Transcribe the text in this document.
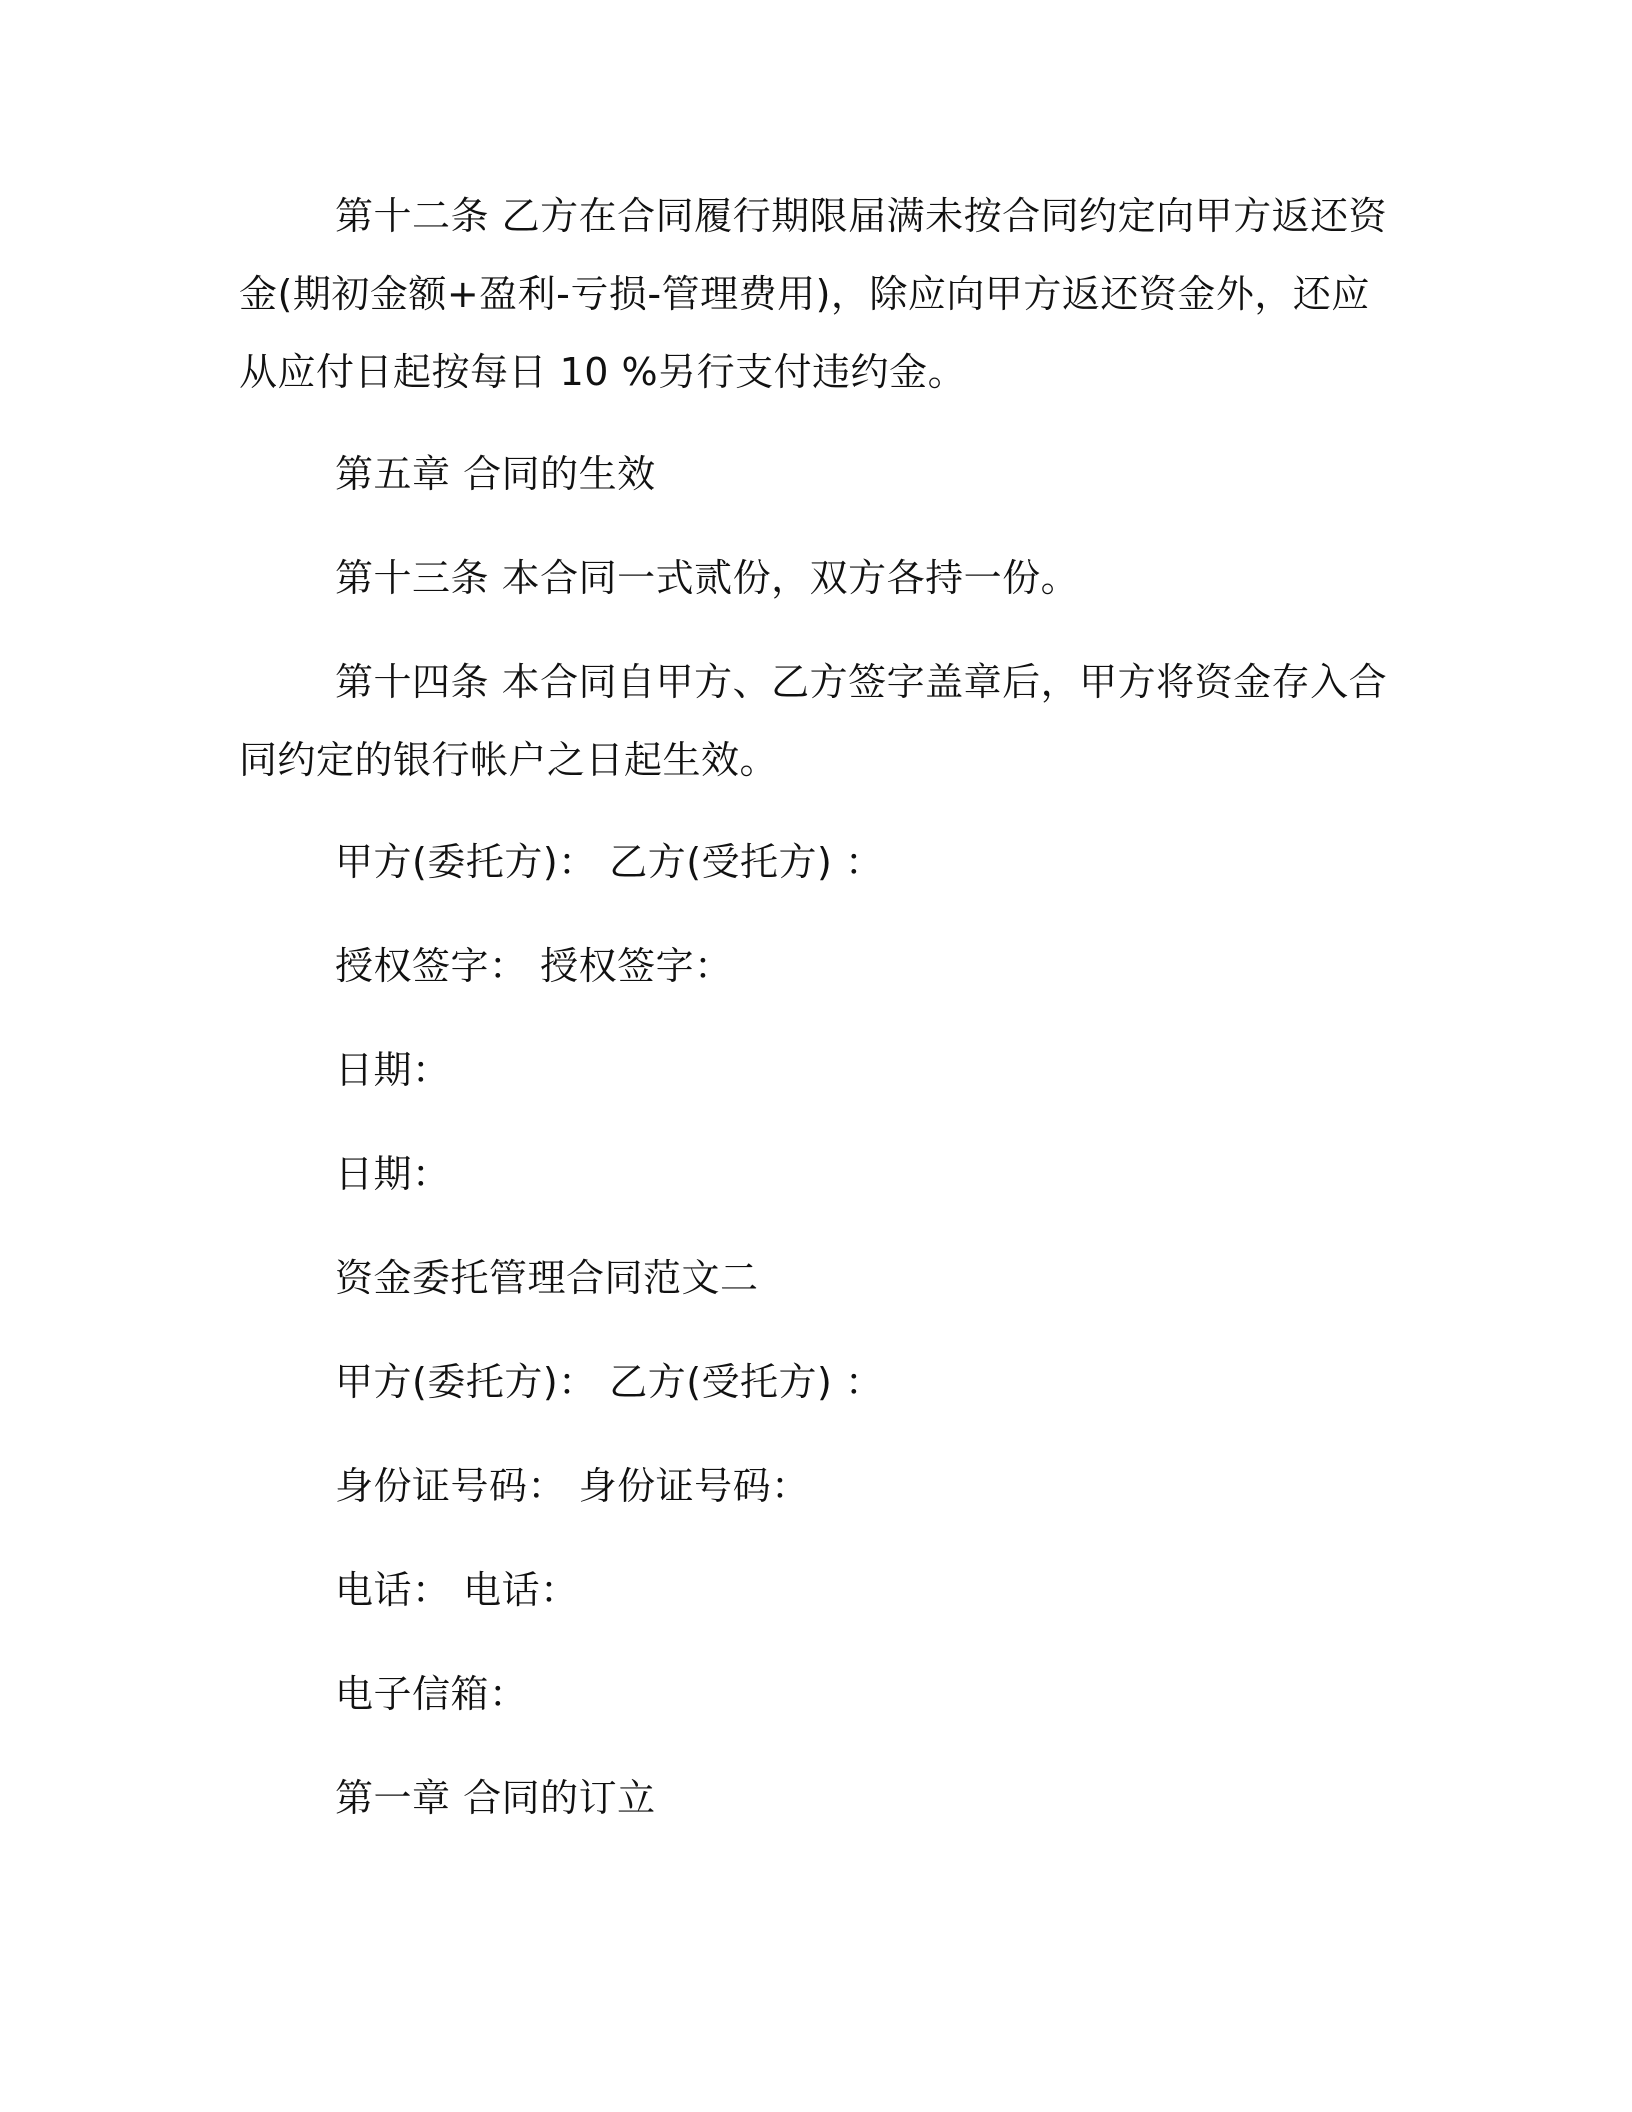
第十二条 乙方在合同履行期限届满未按合同约定向甲方返还资金(期初金额+盈利-亏损-管理费用)，除应向甲方返还资金外，还应从应付日起按每日 10 %另行支付违约金。

第五章 合同的生效

第十三条 本合同一式贰份，双方各持一份。

第十四条 本合同自甲方、乙方签字盖章后，甲方将资金存入合同约定的银行帐户之日起生效。

甲方(委托方)： 乙方(受托方) ：

授权签字： 授权签字：

日期：

日期：

资金委托管理合同范文二

甲方(委托方)： 乙方(受托方) ：

身份证号码： 身份证号码：

电话： 电话：

电子信箱：

第一章 合同的订立
